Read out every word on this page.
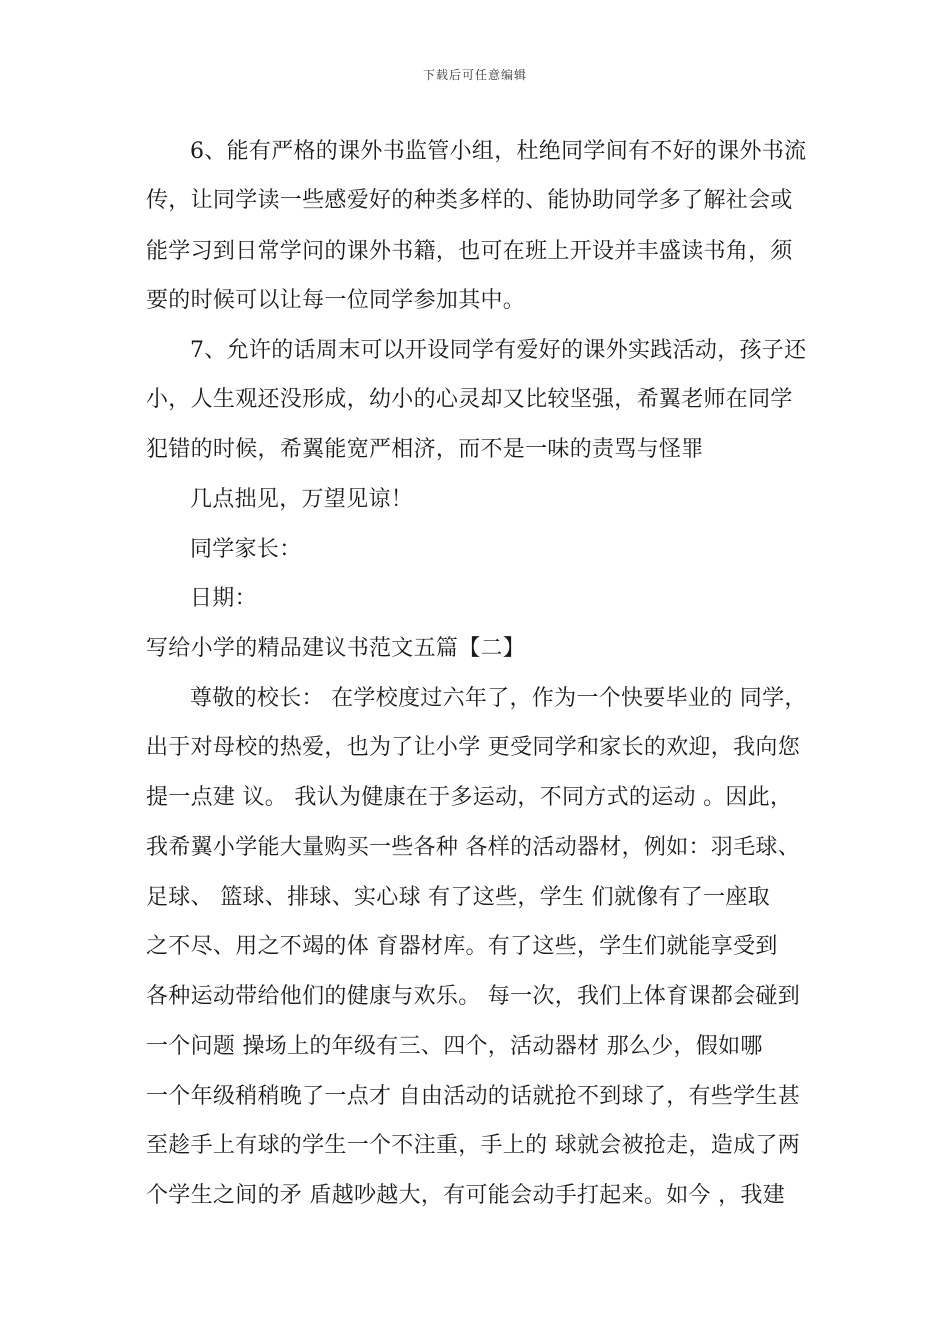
下载后可任意编辑
6、能有严格的课外书监管小组，杜绝同学间有不好的课外书流
传，让同学读一些感爱好的种类多样的、能协助同学多了解社会或
能学习到日常学问的课外书籍，也可在班上开设并丰盛读书角，须
要的时候可以让每一位同学参加其中。
7、允许的话周末可以开设同学有爱好的课外实践活动，孩子还
小，人生观还没形成，幼小的心灵却又比较坚强，希翼老师在同学
犯错的时候，希翼能宽严相济，而不是一味的责骂与怪罪
几点拙见，万望见谅！
同学家长：
日期：
写给小学的精品建议书范文五篇【二】
尊敬的校长： 在学校度过六年了，作为一个快要毕业的 同学，
出于对母校的热爱，也为了让小学 更受同学和家长的欢迎，我向您
提一点建 议。 我认为健康在于多运动，不同方式的运动 。因此，
我希翼小学能大量购买一些各种 各样的活动器材，例如：羽毛球、
足球、 篮球、排球、实心球 有了这些，学生 们就像有了一座取
之不尽、用之不竭的体 育器材库。有了这些，学生们就能享受到
各种运动带给他们的健康与欢乐。 每一次，我们上体育课都会碰到
一个问题 操场上的年级有三、四个，活动器材 那么少，假如哪
一个年级稍稍晚了一点才 自由活动的话就抢不到球了，有些学生甚
至趁手上有球的学生一个不注重，手上的 球就会被抢走，造成了两
个学生之间的矛 盾越吵越大，有可能会动手打起来。如今 ，我建
